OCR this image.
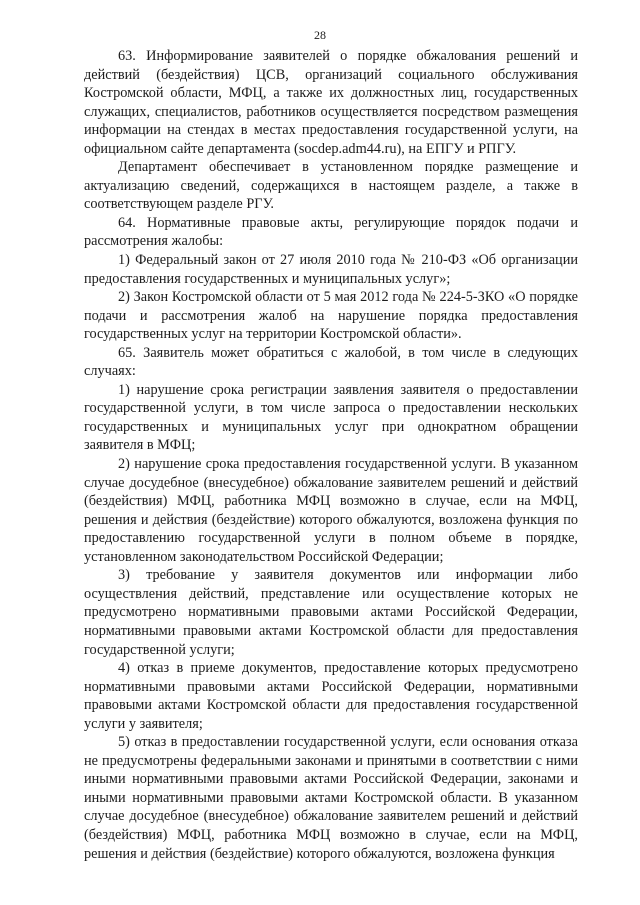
28

63. Информирование заявителей о порядке обжалования решений и действий (бездействия) ЦСВ, организаций социального обслуживания Костромской области, МФЦ, а также их должностных лиц, государственных служащих, специалистов, работников осуществляется посредством размещения информации на стендах в местах предоставления государственной услуги, на официальном сайте департамента (socdep.adm44.ru), на ЕПГУ и РПГУ.

Департамент обеспечивает в установленном порядке размещение и актуализацию сведений, содержащихся в настоящем разделе, а также в соответствующем разделе РГУ.

64. Нормативные правовые акты, регулирующие порядок подачи и рассмотрения жалобы:

1) Федеральный закон от 27 июля 2010 года № 210-ФЗ «Об организации предоставления государственных и муниципальных услуг»;

2) Закон Костромской области от 5 мая 2012 года № 224-5-ЗКО «О порядке подачи и рассмотрения жалоб на нарушение порядка предоставления государственных услуг на территории Костромской области».

65. Заявитель может обратиться с жалобой, в том числе в следующих случаях:

1) нарушение срока регистрации заявления заявителя о предоставлении государственной услуги, в том числе запроса о предоставлении нескольких государственных и муниципальных услуг при однократном обращении заявителя в МФЦ;

2) нарушение срока предоставления государственной услуги. В указанном случае досудебное (внесудебное) обжалование заявителем решений и действий (бездействия) МФЦ, работника МФЦ возможно в случае, если на МФЦ, решения и действия (бездействие) которого обжалуются, возложена функция по предоставлению государственной услуги в полном объеме в порядке, установленном законодательством Российской Федерации;

3) требование у заявителя документов или информации либо осуществления действий, представление или осуществление которых не предусмотрено нормативными правовыми актами Российской Федерации, нормативными правовыми актами Костромской области для предоставления государственной услуги;

4) отказ в приеме документов, предоставление которых предусмотрено нормативными правовыми актами Российской Федерации, нормативными правовыми актами Костромской области для предоставления государственной услуги у заявителя;

5) отказ в предоставлении государственной услуги, если основания отказа не предусмотрены федеральными законами и принятыми в соответствии с ними иными нормативными правовыми актами Российской Федерации, законами и иными нормативными правовыми актами Костромской области. В указанном случае досудебное (внесудебное) обжалование заявителем решений и действий (бездействия) МФЦ, работника МФЦ возможно в случае, если на МФЦ, решения и действия (бездействие) которого обжалуются, возложена функция
